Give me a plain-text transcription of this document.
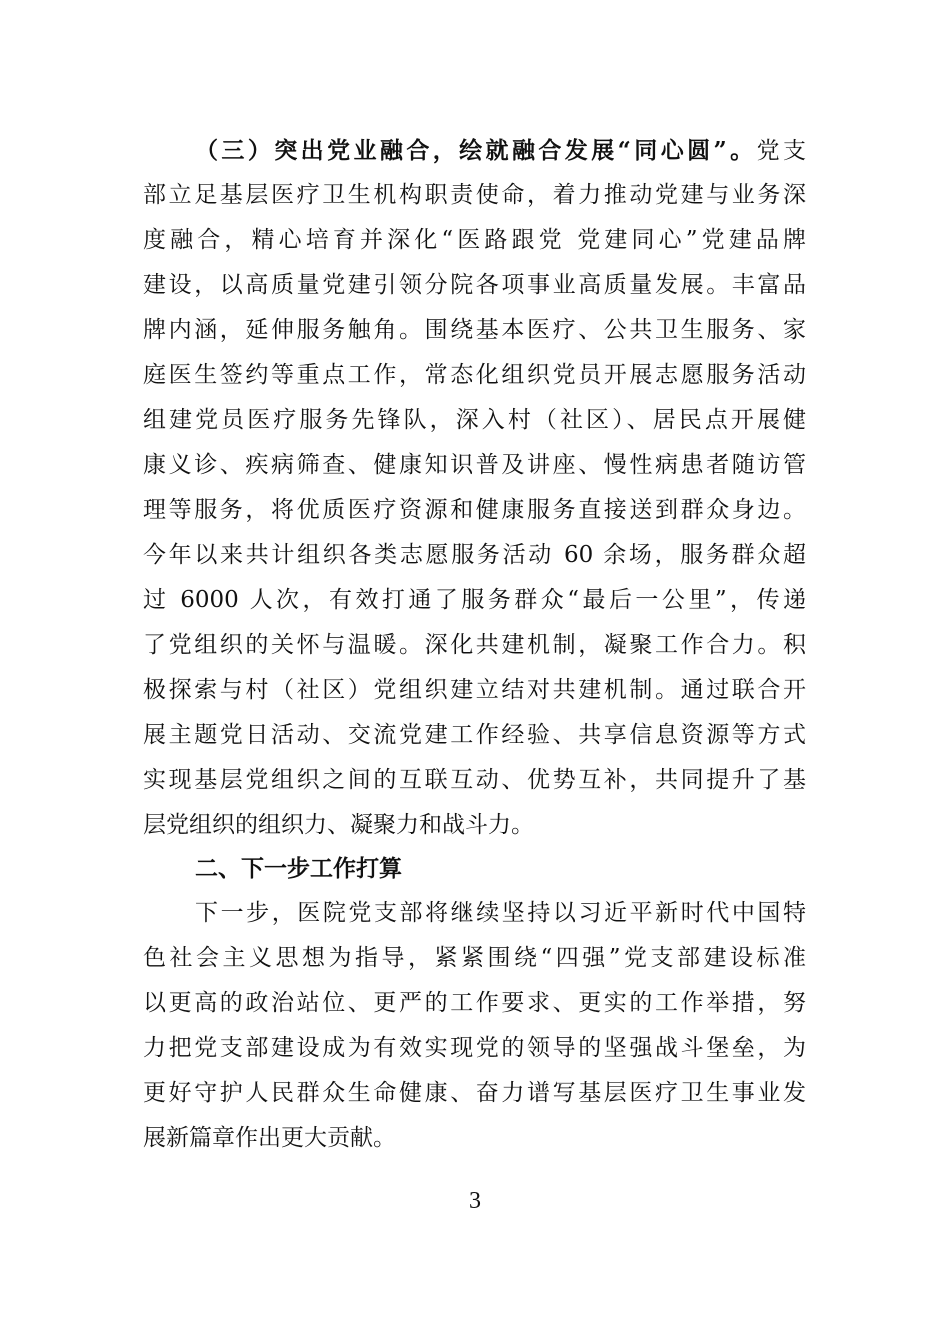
（三）突出党业融合，绘就融合发展“同心圆”。党支
部立足基层医疗卫生机构职责使命，着力推动党建与业务深
度融合，精心培育并深化“医路跟党 党建同心”党建品牌
建设，以高质量党建引领分院各项事业高质量发展。丰富品
牌内涵，延伸服务触角。围绕基本医疗、公共卫生服务、家
庭医生签约等重点工作，常态化组织党员开展志愿服务活动
组建党员医疗服务先锋队，深入村（社区）、居民点开展健
康义诊、疾病筛查、健康知识普及讲座、慢性病患者随访管
理等服务，将优质医疗资源和健康服务直接送到群众身边。
今年以来共计组织各类志愿服务活动 60 余场，服务群众超
过 6000 人次，有效打通了服务群众“最后一公里”，传递
了党组织的关怀与温暖。深化共建机制，凝聚工作合力。积
极探索与村（社区）党组织建立结对共建机制。通过联合开
展主题党日活动、交流党建工作经验、共享信息资源等方式
实现基层党组织之间的互联互动、优势互补，共同提升了基
层党组织的组织力、凝聚力和战斗力。
二、下一步工作打算
下一步，医院党支部将继续坚持以习近平新时代中国特
色社会主义思想为指导，紧紧围绕“四强”党支部建设标准
以更高的政治站位、更严的工作要求、更实的工作举措，努
力把党支部建设成为有效实现党的领导的坚强战斗堡垒，为
更好守护人民群众生命健康、奋力谱写基层医疗卫生事业发
展新篇章作出更大贡献。
3
